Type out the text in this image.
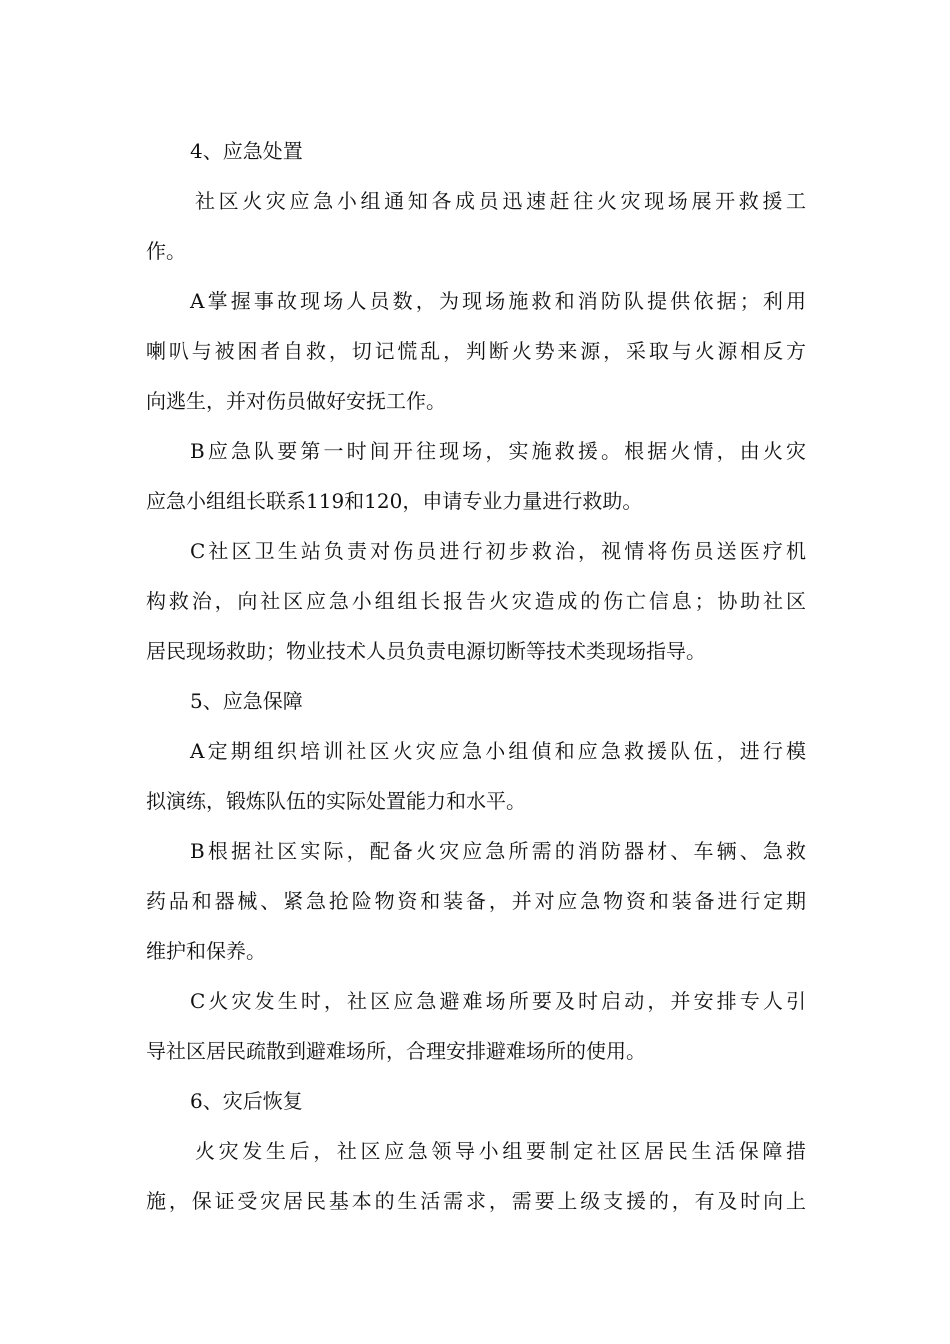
4、应急处置
社区火灾应急小组通知各成员迅速赶往火灾现场展开救援工
作。
A掌握事故现场人员数，为现场施救和消防队提供依据；利用
喇叭与被困者自救，切记慌乱，判断火势来源，采取与火源相反方
向逃生，并对伤员做好安抚工作。
B应急队要第一时间开往现场，实施救援。根据火情，由火灾
应急小组组长联系119和120，申请专业力量进行救助。
C社区卫生站负责对伤员进行初步救治，视情将伤员送医疗机
构救治，向社区应急小组组长报告火灾造成的伤亡信息；协助社区
居民现场救助；物业技术人员负责电源切断等技术类现场指导。
5、应急保障
A定期组织培训社区火灾应急小组偵和应急救援队伍，进行模
拟演练，锻炼队伍的实际处置能力和水平。
B根据社区实际，配备火灾应急所需的消防器材、车辆、急救
药品和器械、紧急抢险物资和装备，并对应急物资和装备进行定期
维护和保养。
C火灾发生时，社区应急避难场所要及时启动，并安排专人引
导社区居民疏散到避难场所，合理安排避难场所的使用。
6、灾后恢复
火灾发生后，社区应急领导小组要制定社区居民生活保障措
施，保证受灾居民基本的生活需求，需要上级支援的，有及时向上
